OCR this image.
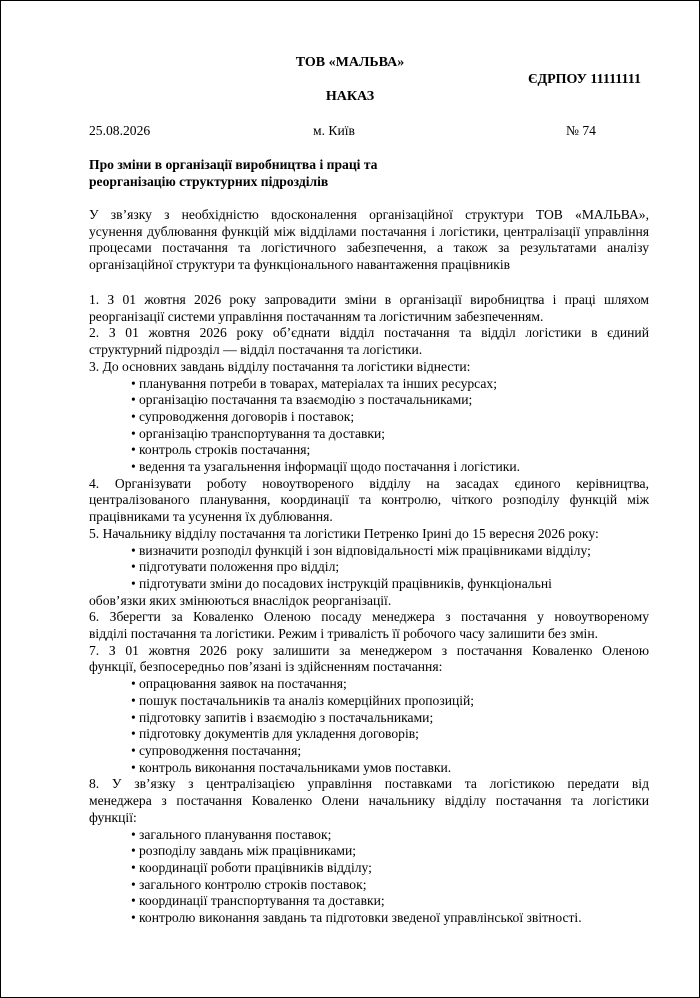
ТОВ «МАЛЬВА»
ЄДРПОУ 11111111
НАКАЗ
25.08.2026	м. Київ	№ 74
Про зміни в організації виробництва і праці та
реорганізацію структурних підрозділів
У зв’язку з необхідністю вдосконалення організаційної структури ТОВ «МАЛЬВА»,
усунення дублювання функцій між відділами постачання і логістики, централізації управління
процесами постачання та логістичного забезпечення, а також за результатами аналізу
організаційної структури та функціонального навантаження працівників
1. З 01 жовтня 2026 року запровадити зміни в організації виробництва і праці шляхом
реорганізації системи управління постачанням та логістичним забезпеченням.
2. З 01 жовтня 2026 року об’єднати відділ постачання та відділ логістики в єдиний
структурний підрозділ — відділ постачання та логістики.
3. До основних завдань відділу постачання та логістики віднести:
• планування потреби в товарах, матеріалах та інших ресурсах;
• організацію постачання та взаємодію з постачальниками;
• супроводження договорів і поставок;
• організацію транспортування та доставки;
• контроль строків постачання;
• ведення та узагальнення інформації щодо постачання і логістики.
4. Організувати роботу новоутвореного відділу на засадах єдиного керівництва,
централізованого планування, координації та контролю, чіткого розподілу функцій між
працівниками та усунення їх дублювання.
5. Начальнику відділу постачання та логістики Петренко Ірині до 15 вересня 2026 року:
• визначити розподіл функцій і зон відповідальності між працівниками відділу;
• підготувати положення про відділ;
• підготувати зміни до посадових інструкцій працівників, функціональні
обов’язки яких змінюються внаслідок реорганізації.
6. Зберегти за Коваленко Оленою посаду менеджера з постачання у новоутвореному
відділі постачання та логістики. Режим і тривалість її робочого часу залишити без змін.
7. З 01 жовтня 2026 року залишити за менеджером з постачання Коваленко Оленою
функції, безпосередньо пов’язані із здійсненням постачання:
• опрацювання заявок на постачання;
• пошук постачальників та аналіз комерційних пропозицій;
• підготовку запитів і взаємодію з постачальниками;
• підготовку документів для укладення договорів;
• супроводження постачання;
• контроль виконання постачальниками умов поставки.
8. У зв’язку з централізацією управління поставками та логістикою передати від
менеджера з постачання Коваленко Олени начальнику відділу постачання та логістики
функції:
• загального планування поставок;
• розподілу завдань між працівниками;
• координації роботи працівників відділу;
• загального контролю строків поставок;
• координації транспортування та доставки;
• контролю виконання завдань та підготовки зведеної управлінської звітності.
